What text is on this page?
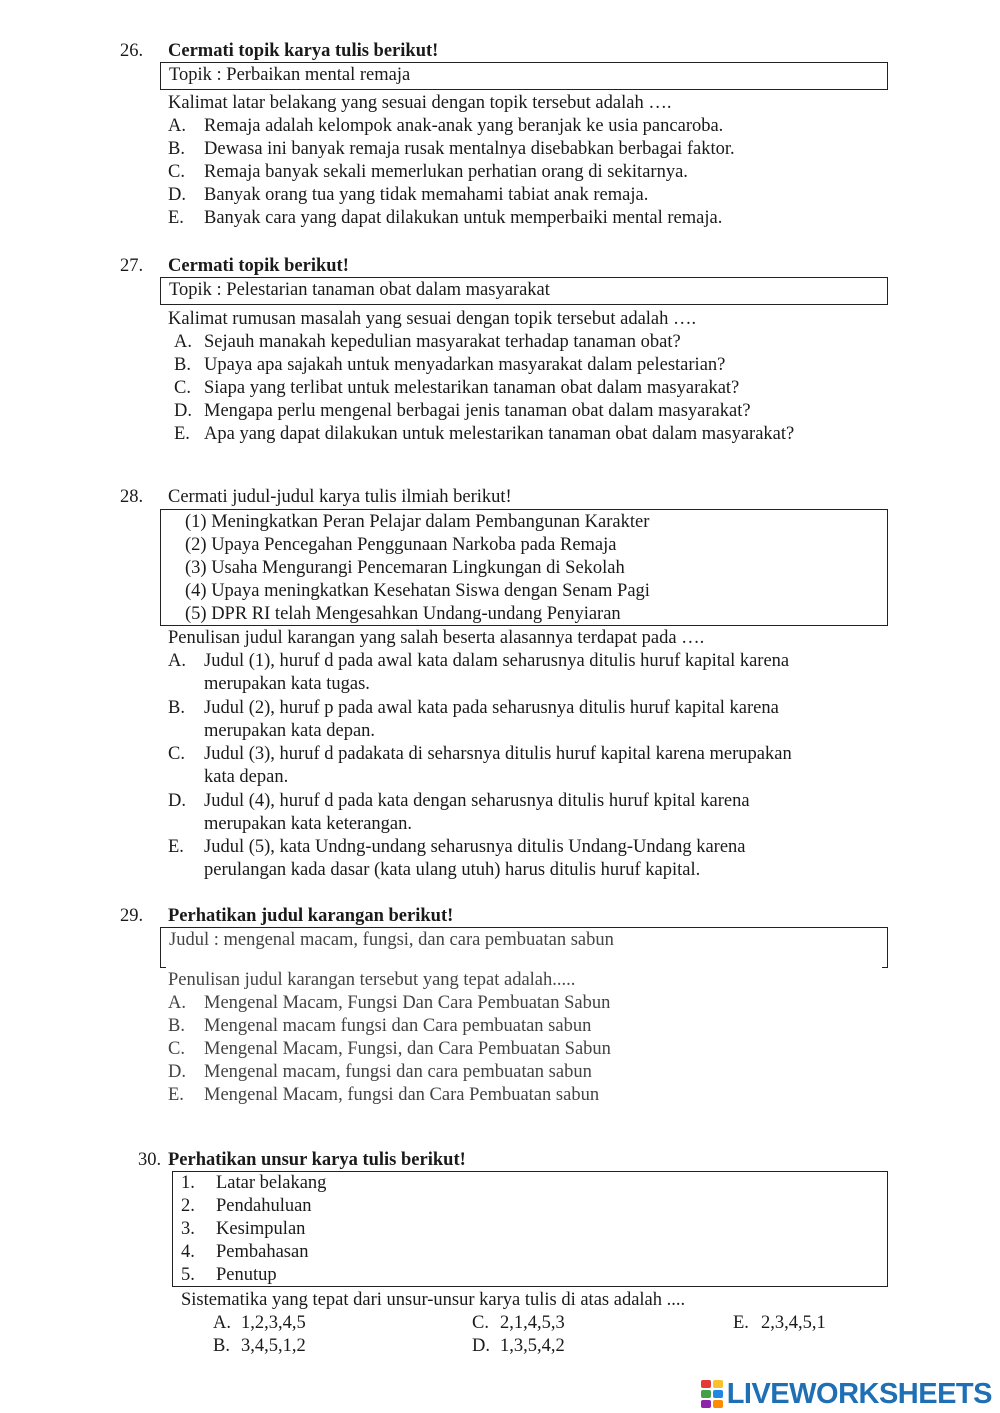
26. Cermati topik karya tulis berikut!
Topik : Perbaikan mental remaja
Kalimat latar belakang yang sesuai dengan topik tersebut adalah ….
A. Remaja adalah kelompok anak-anak yang beranjak ke usia pancaroba.
B. Dewasa ini banyak remaja rusak mentalnya disebabkan berbagai faktor.
C. Remaja banyak sekali memerlukan perhatian orang di sekitarnya.
D. Banyak orang tua yang tidak memahami tabiat anak remaja.
E. Banyak cara yang dapat dilakukan untuk memperbaiki mental remaja.
27. Cermati topik berikut!
Topik : Pelestarian tanaman obat dalam masyarakat
Kalimat rumusan masalah yang sesuai dengan topik tersebut adalah ….
A. Sejauh manakah kepedulian masyarakat terhadap tanaman obat?
B. Upaya apa sajakah untuk menyadarkan masyarakat dalam pelestarian?
C. Siapa yang terlibat untuk melestarikan tanaman obat dalam masyarakat?
D. Mengapa perlu mengenal berbagai jenis tanaman obat dalam masyarakat?
E. Apa yang dapat dilakukan untuk melestarikan tanaman obat dalam masyarakat?
28. Cermati judul-judul karya tulis ilmiah berikut!
(1) Meningkatkan Peran Pelajar dalam Pembangunan Karakter
(2) Upaya Pencegahan Penggunaan Narkoba pada Remaja
(3) Usaha Mengurangi Pencemaran Lingkungan di Sekolah
(4) Upaya meningkatkan Kesehatan Siswa dengan Senam Pagi
(5) DPR RI telah Mengesahkan Undang-undang Penyiaran
Penulisan judul karangan yang salah beserta alasannya terdapat pada ….
A. Judul (1), huruf d pada awal kata dalam seharusnya ditulis huruf kapital karena
merupakan kata tugas.
B. Judul (2), huruf p pada awal kata pada seharusnya ditulis huruf kapital karena
merupakan kata depan.
C. Judul (3), huruf d padakata di seharsnya ditulis huruf kapital karena merupakan
kata depan.
D. Judul (4), huruf d pada kata dengan seharusnya ditulis huruf kpital karena
merupakan kata keterangan.
E. Judul (5), kata Undng-undang seharusnya ditulis Undang-Undang karena
perulangan kada dasar (kata ulang utuh) harus ditulis huruf kapital.
29. Perhatikan judul karangan berikut!
Judul : mengenal macam, fungsi, dan cara pembuatan sabun
Penulisan judul karangan tersebut yang tepat adalah.....
A. Mengenal Macam, Fungsi Dan Cara Pembuatan Sabun
B. Mengenal macam fungsi dan Cara pembuatan sabun
C. Mengenal Macam, Fungsi, dan Cara Pembuatan Sabun
D. Mengenal macam, fungsi dan cara pembuatan sabun
E. Mengenal Macam, fungsi dan Cara Pembuatan sabun
30. Perhatikan unsur karya tulis berikut!
1. Latar belakang
2. Pendahuluan
3. Kesimpulan
4. Pembahasan
5. Penutup
Sistematika yang tepat dari unsur-unsur karya tulis di atas adalah ....
A. 1,2,3,4,5
B. 3,4,5,1,2
C. 2,1,4,5,3
D. 1,3,5,4,2
E. 2,3,4,5,1
LIVEWORKSHEETS
